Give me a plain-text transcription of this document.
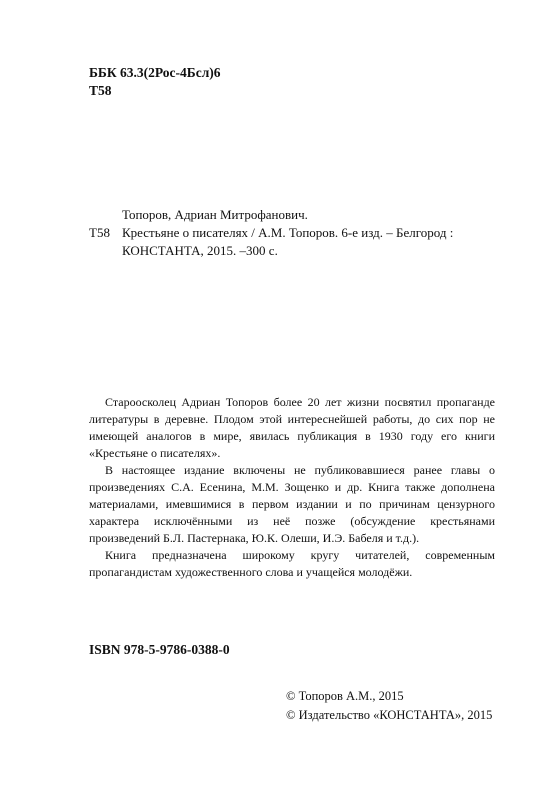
ББК 63.3(2Рос-4Бсл)6
Т58
Топоров, Адриан Митрофанович.
Т58 Крестьяне о писателях / А.М. Топоров. 6-е изд. – Белгород :
КОНСТАНТА, 2015. –300 с.

Староосколец Адриан Топоров более 20 лет жизни посвятил пропаганде литературы в деревне. Плодом этой интереснейшей работы, до сих пор не имеющей аналогов в мире, явилась публикация в 1930 году его книги «Крестьяне о писателях».

В настоящее издание включены не публиковавшиеся ранее главы о произведениях С.А. Есенина, М.М. Зощенко и др. Книга также дополнена материалами, имевшимися в первом издании и по причинам цензурного характера исключёнными из неё позже (обсуждение крестьянами произведений Б.Л. Пастернака, Ю.К. Олеши, И.Э. Бабеля и т.д.).

Книга предназначена широкому кругу читателей, современным пропагандистам художественного слова и учащейся молодёжи.

ISBN 978-5-9786-0388-0
© Топоров А.М., 2015
© Издательство «КОНСТАНТА», 2015
